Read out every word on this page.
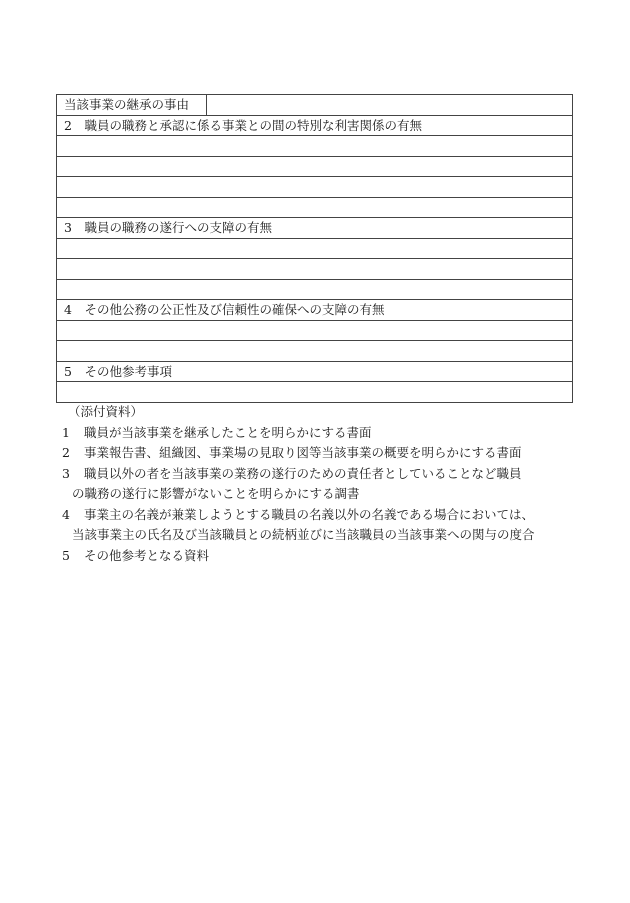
当該事業の継承の事由	
2　職員の職務と承認に係る事業との間の特別な利害関係の有無

3　職員の職務の遂行への支障の有無

4　その他公務の公正性及び信頼性の確保への支障の有無

5　その他参考事項

（添付資料）
1	職員が当該事業を継承したことを明らかにする書面
2	事業報告書、組織図、事業場の見取り図等当該事業の概要を明らかにする書面
3	職員以外の者を当該事業の業務の遂行のための責任者としていることなど職員
の職務の遂行に影響がないことを明らかにする調書
4	事業主の名義が兼業しようとする職員の名義以外の名義である場合においては、
当該事業主の氏名及び当該職員との続柄並びに当該職員の当該事業への関与の度合
5	その他参考となる資料
